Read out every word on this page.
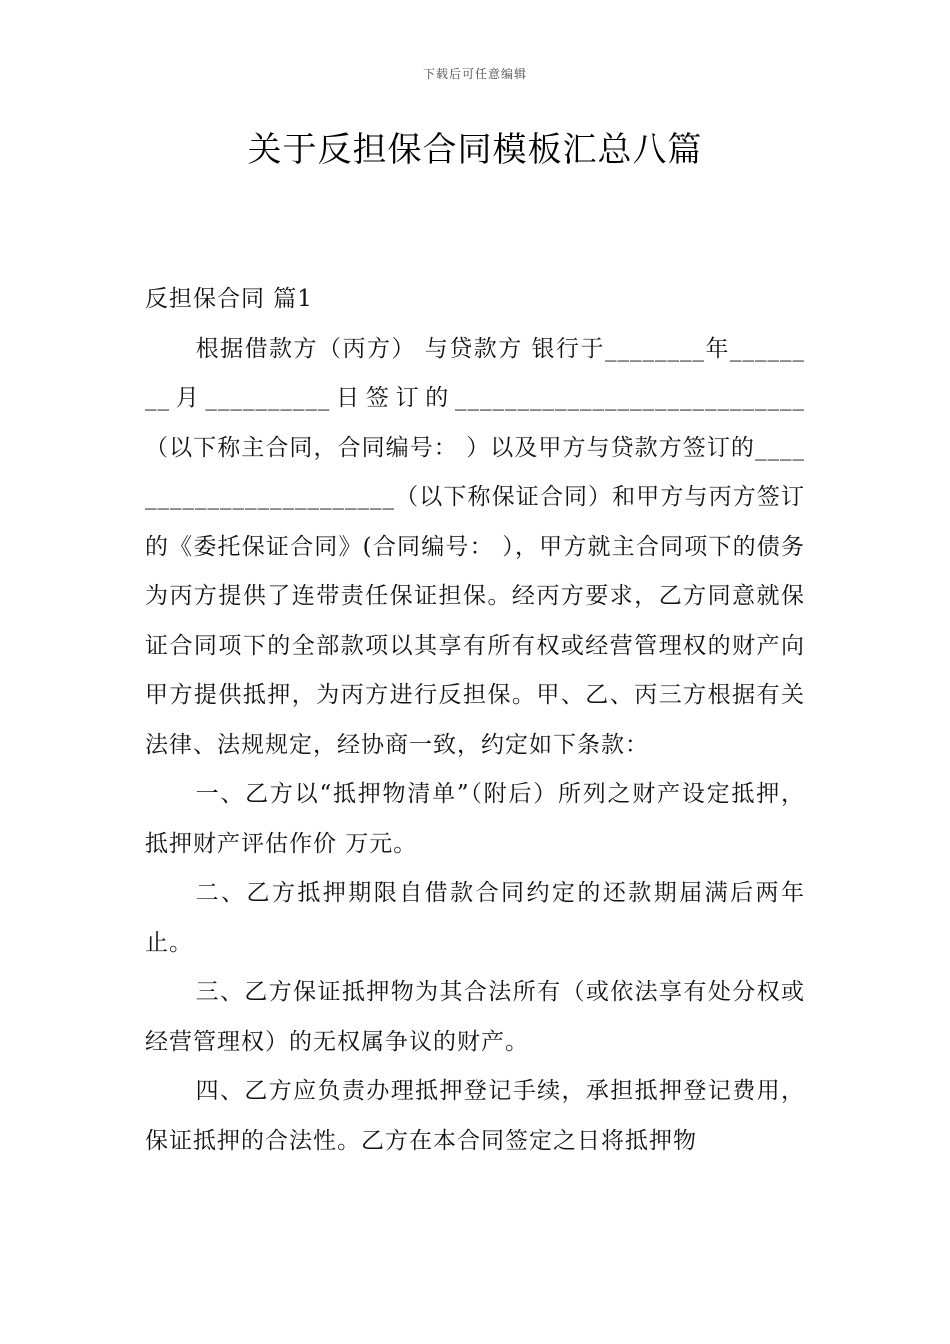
下载后可任意编辑
关于反担保合同模板汇总八篇

反担保合同 篇1

根据借款方（丙方） 与贷款方 银行于________年________月__________日签订的____________________________（以下称主合同，合同编号： ）以及甲方与贷款方签订的________________________（以下称保证合同）和甲方与丙方签订的《委托保证合同》(合同编号： ），甲方就主合同项下的债务为丙方提供了连带责任保证担保。经丙方要求，乙方同意就保证合同项下的全部款项以其享有所有权或经营管理权的财产向甲方提供抵押，为丙方进行反担保。甲、乙、丙三方根据有关法律、法规规定，经协商一致，约定如下条款：

一、乙方以“抵押物清单”（附后）所列之财产设定抵押，抵押财产评估作价 万元。

二、乙方抵押期限自借款合同约定的还款期届满后两年止。

三、乙方保证抵押物为其合法所有（或依法享有处分权或经营管理权）的无权属争议的财产。

四、乙方应负责办理抵押登记手续，承担抵押登记费用，保证抵押的合法性。乙方在本合同签定之日将抵押物
